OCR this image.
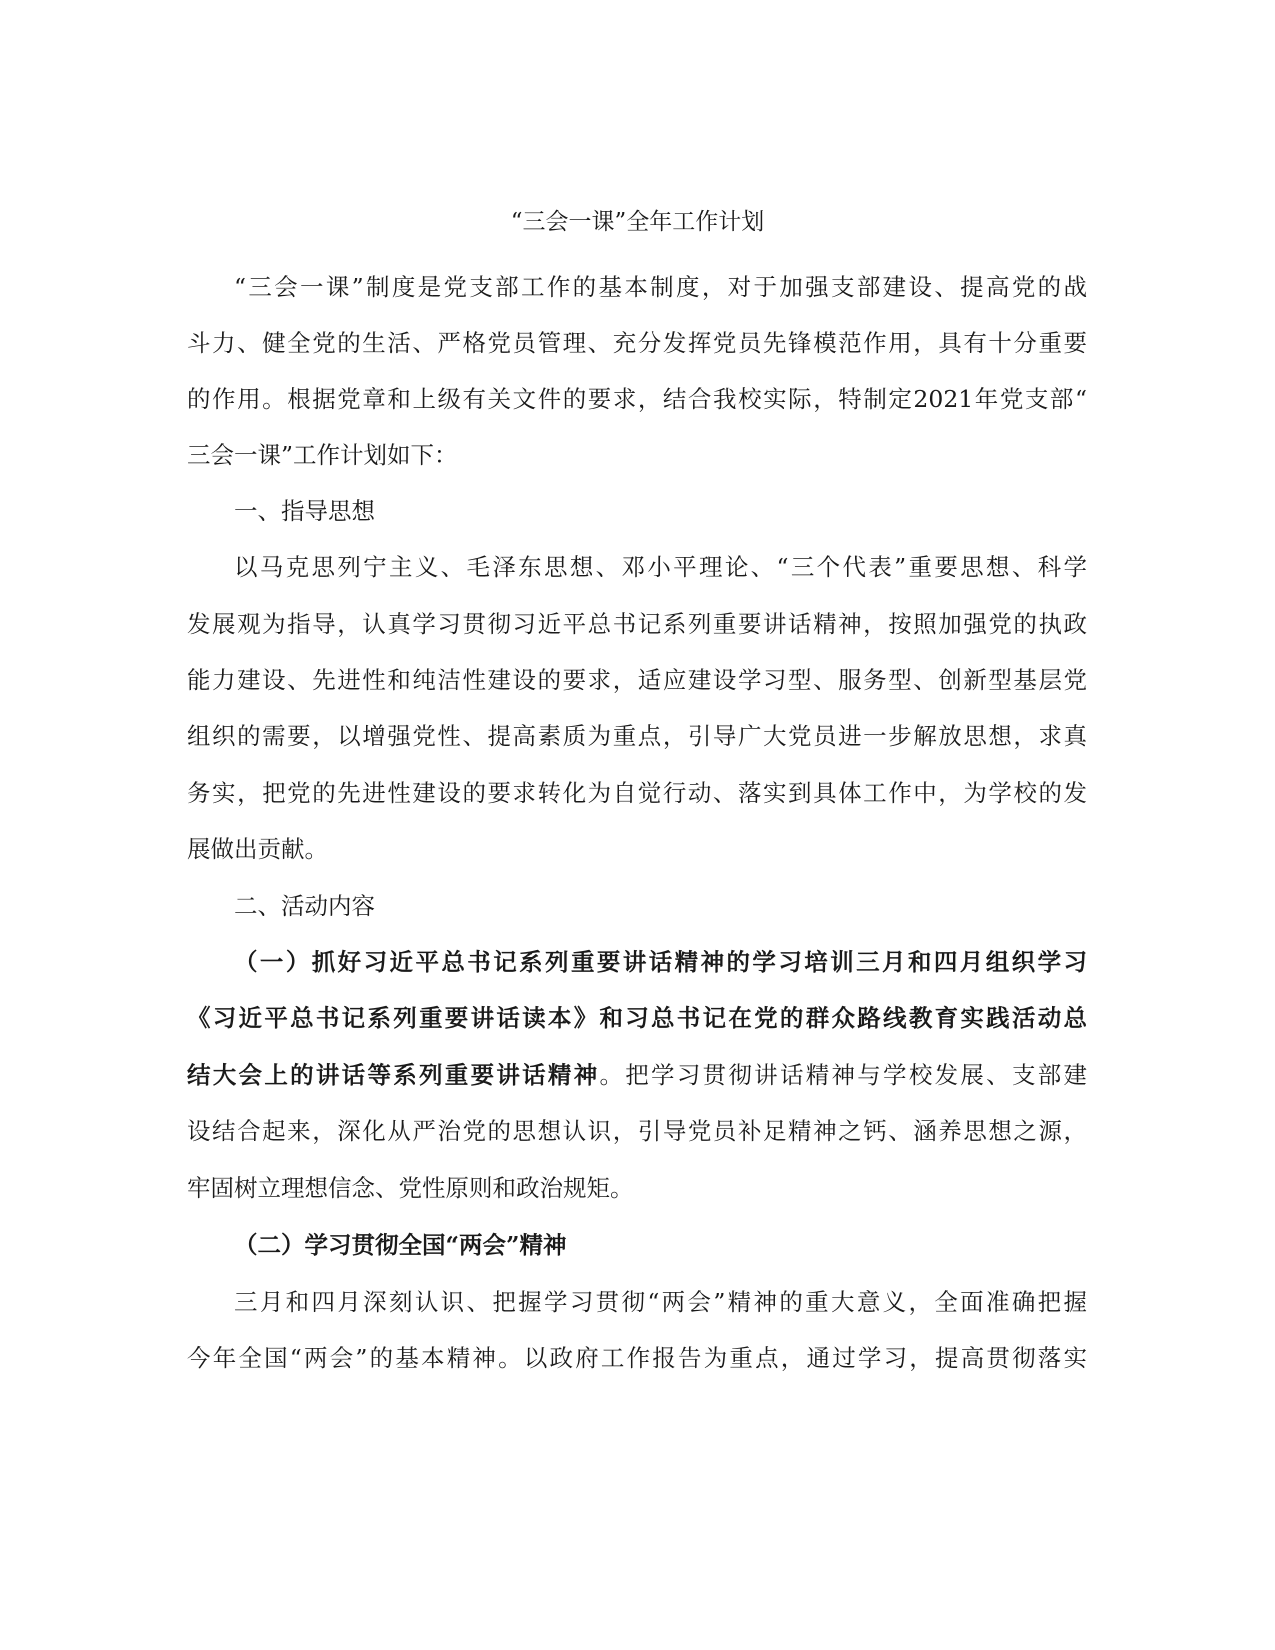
“三会一课”全年工作计划
“三会一课”制度是党支部工作的基本制度，对于加强支部建设、提高党的战
斗力、健全党的生活、严格党员管理、充分发挥党员先锋模范作用，具有十分重要
的作用。根据党章和上级有关文件的要求，结合我校实际，特制定2021年党支部“
三会一课”工作计划如下：
一、指导思想
以马克思列宁主义、毛泽东思想、邓小平理论、“三个代表”重要思想、科学
发展观为指导，认真学习贯彻习近平总书记系列重要讲话精神，按照加强党的执政
能力建设、先进性和纯洁性建设的要求，适应建设学习型、服务型、创新型基层党
组织的需要，以增强党性、提高素质为重点，引导广大党员进一步解放思想，求真
务实，把党的先进性建设的要求转化为自觉行动、落实到具体工作中，为学校的发
展做出贡献。
二、活动内容
（一）抓好习近平总书记系列重要讲话精神的学习培训三月和四月组织学习
《习近平总书记系列重要讲话读本》和习总书记在党的群众路线教育实践活动总
结大会上的讲话等系列重要讲话精神。把学习贯彻讲话精神与学校发展、支部建
设结合起来，深化从严治党的思想认识，引导党员补足精神之钙、涵养思想之源，
牢固树立理想信念、党性原则和政治规矩。
（二）学习贯彻全国“两会”精神
三月和四月深刻认识、把握学习贯彻“两会”精神的重大意义，全面准确把握
今年全国“两会”的基本精神。以政府工作报告为重点，通过学习，提高贯彻落实
